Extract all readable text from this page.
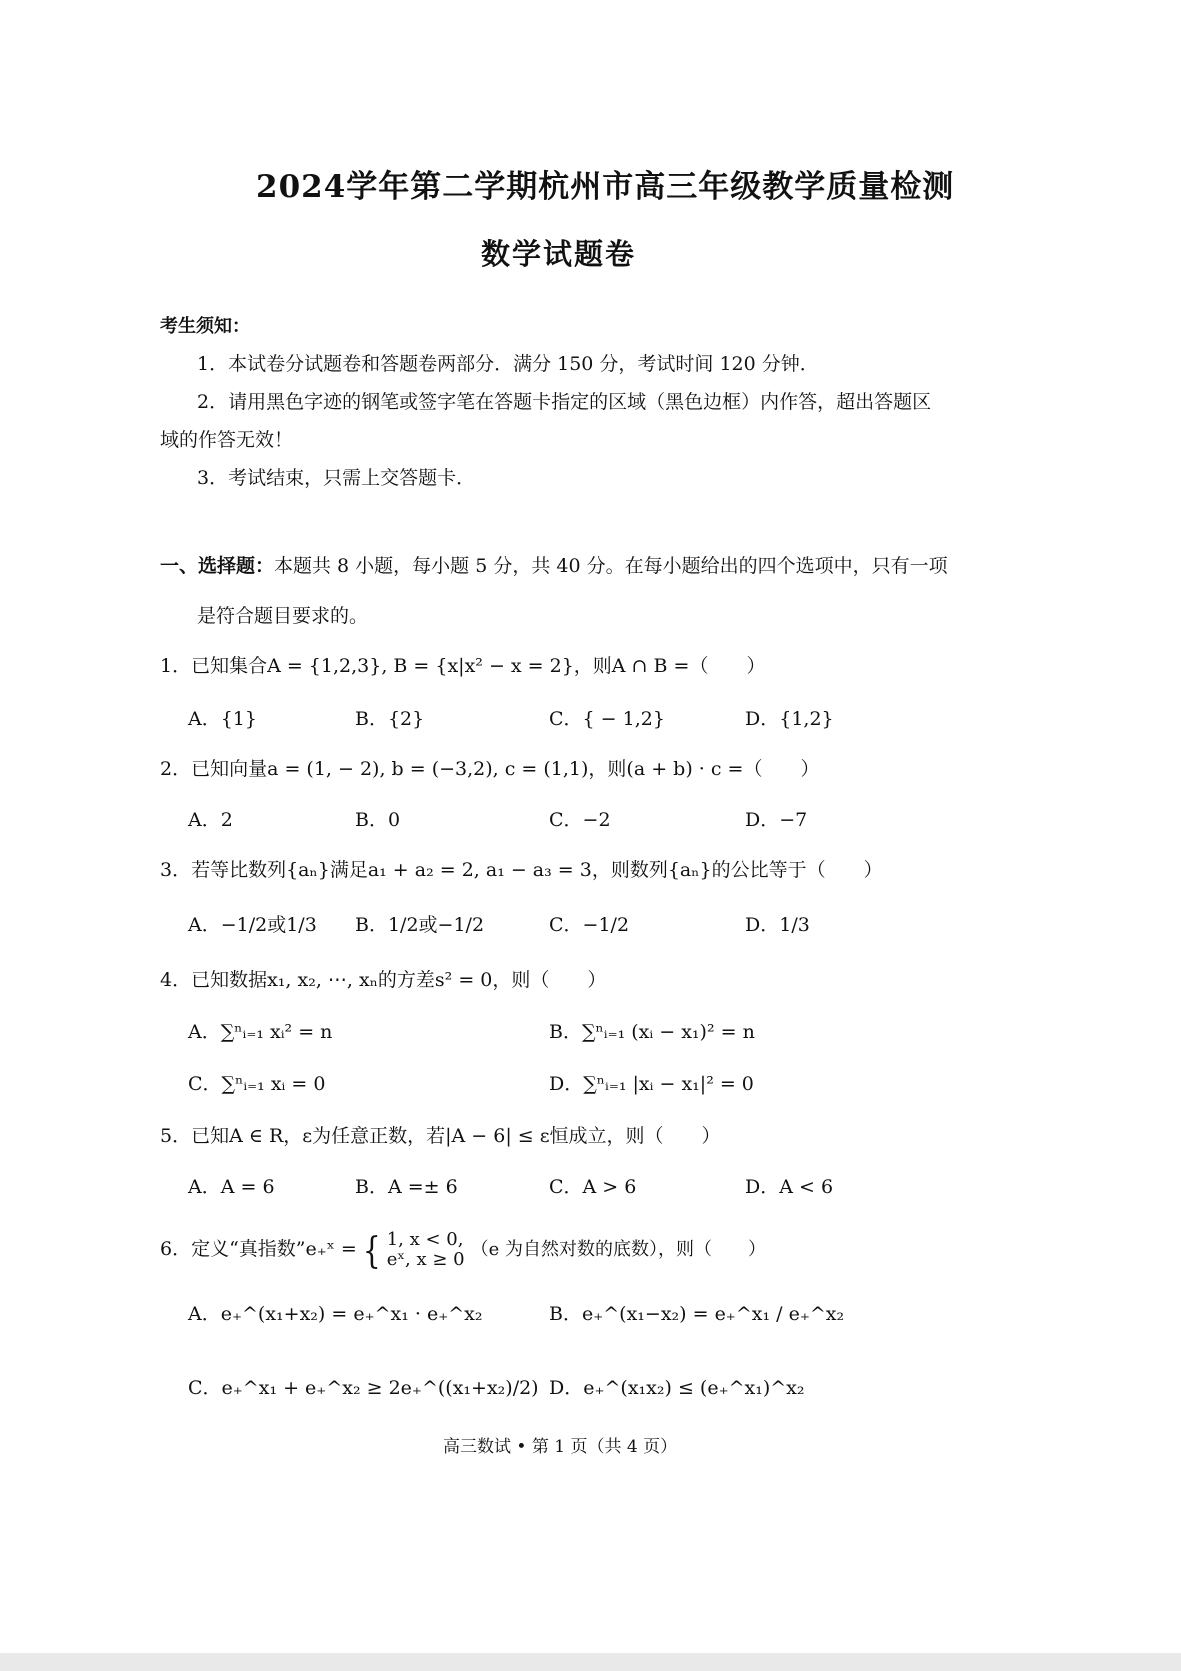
2024学年第二学期杭州市高三年级教学质量检测
数学试题卷
考生须知：
1．本试卷分试题卷和答题卷两部分．满分 150 分，考试时间 120 分钟．
2．请用黑色字迹的钢笔或签字笔在答题卡指定的区域（黑色边框）内作答，超出答题区
域的作答无效！
3．考试结束，只需上交答题卡．
一、选择题：本题共 8 小题，每小题 5 分，共 40 分。在每小题给出的四个选项中，只有一项
是符合题目要求的。
1．已知集合A = {1,2,3}, B = {x|x² − x = 2}，则A ∩ B =（　　）
A．{1}	B．{2}	C．{ − 1,2}	D．{1,2}
2．已知向量a = (1, − 2), b = (−3,2), c = (1,1)，则(a + b) · c =（　　）
A．2	B．0	C．−2	D．−7
3．若等比数列{aₙ}满足a₁ + a₂ = 2, a₁ − a₃ = 3，则数列{aₙ}的公比等于（　　）
A．−1/2或1/3 B．1/2或−1/2	C．−1/2	D．1/3
4．已知数据x₁, x₂, ⋯, xₙ的方差s² = 0，则（　　）
A．∑ⁿᵢ₌₁ xᵢ² = n	B．∑ⁿᵢ₌₁ (xᵢ − x₁)² = n
C．∑ⁿᵢ₌₁ xᵢ = 0	D．∑ⁿᵢ₌₁ |xᵢ − x₁|² = 0
5．已知A ∈ R，ε为任意正数，若|A − 6| ≤ ε恒成立，则（　　）
A．A = 6	B．A =± 6	C．A > 6	D．A < 6
6．定义“真指数”e₊ˣ = { 1, x < 0,
eˣ, x ≥ 0 （e 为自然对数的底数），则（　　）
A．e₊^(x₁+x₂) = e₊^x₁ · e₊^x₂	B．e₊^(x₁−x₂) = e₊^x₁ / e₊^x₂
C．e₊^x₁ + e₊^x₂ ≥ 2e₊^((x₁+x₂)/2) D．e₊^(x₁x₂) ≤ (e₊^x₁)^x₂
高三数试 • 第 1 页（共 4 页）
